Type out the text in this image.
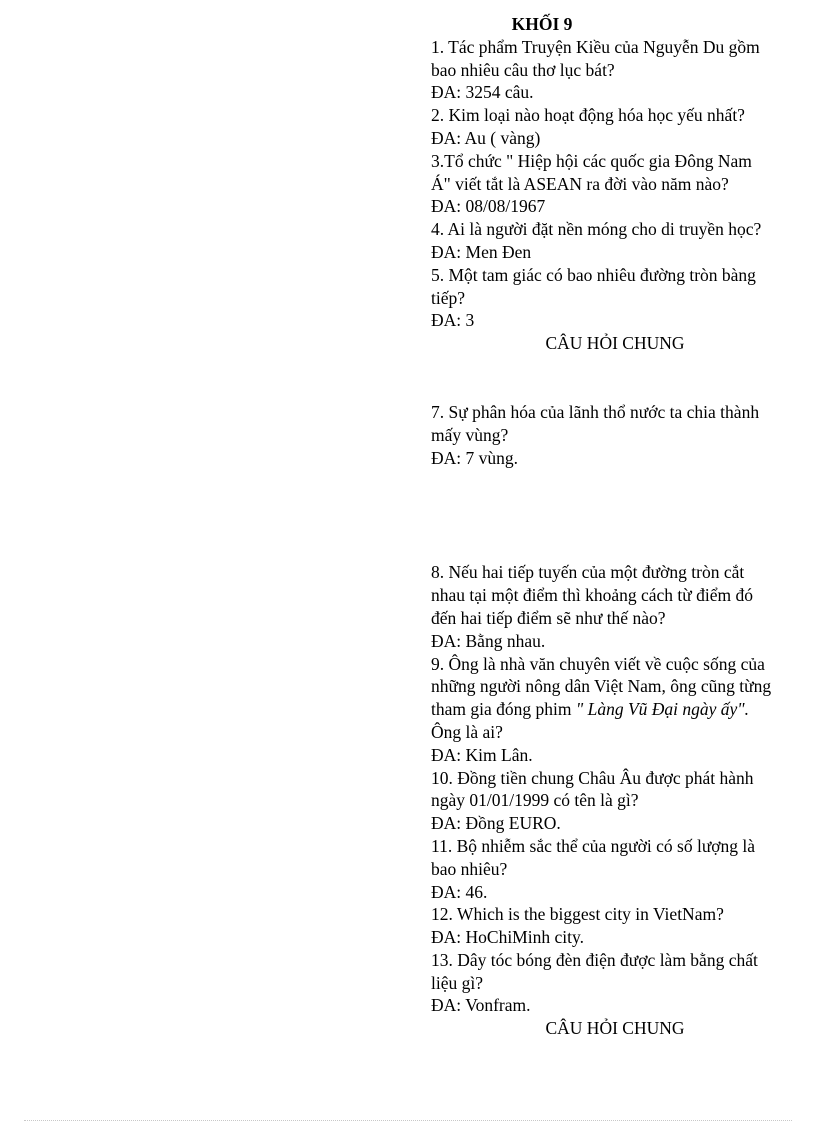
KHỐI 9
1. Tác phẩm Truyện Kiều của Nguyễn Du gồm
bao nhiêu câu thơ lục bát?
ĐA: 3254 câu.
2. Kim loại nào hoạt động hóa học yếu nhất?
ĐA: Au ( vàng)
3.Tổ chức " Hiệp hội các quốc gia Đông Nam
Á" viết tắt là ASEAN ra đời vào năm nào?
ĐA: 08/08/1967
4. Ai là người đặt nền móng cho di truyền học?
ĐA: Men Đen
5. Một tam giác có bao nhiêu đường tròn bàng
tiếp?
ĐA: 3
CÂU HỎI CHUNG
7. Sự phân hóa của lãnh thổ nước ta chia thành
mấy vùng?
ĐA: 7 vùng.
8. Nếu hai tiếp tuyến của một đường tròn cắt
nhau tại một điểm thì khoảng cách từ điểm đó
đến hai tiếp điểm sẽ như thế nào?
ĐA: Bằng nhau.
9. Ông là nhà văn chuyên viết về cuộc sống của
những người nông dân Việt Nam, ông cũng từng
tham gia đóng phim " Làng Vũ Đại ngày ấy".
Ông là ai?
ĐA: Kim Lân.
10. Đồng tiền chung Châu Âu được phát hành
ngày 01/01/1999 có tên là gì?
ĐA: Đồng EURO.
11. Bộ nhiễm sắc thể của người có số lượng là
bao nhiêu?
ĐA: 46.
12. Which is the biggest city in VietNam?
ĐA: HoChiMinh city.
13. Dây tóc bóng đèn điện được làm bằng chất
liệu gì?
ĐA: Vonfram.
CÂU HỎI CHUNG
